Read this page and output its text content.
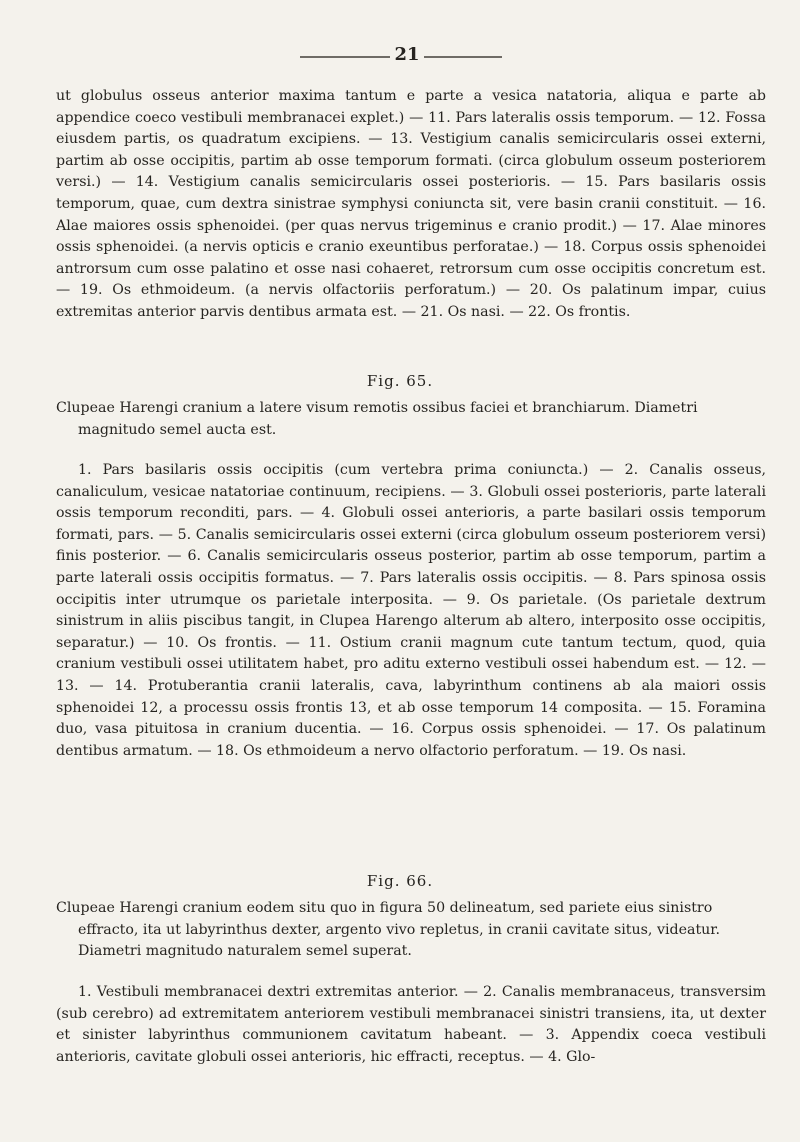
21

ut globulus osseus anterior maxima tantum e parte a vesica natatoria, aliqua e parte ab appendice coeco vestibuli membranacei explet.) — 11. Pars lateralis ossis temporum. — 12. Fossa eiusdem partis, os quadratum excipiens. — 13. Vestigium canalis semicircularis ossei externi, partim ab osse occipitis, partim ab osse temporum formati. (circa globulum osseum posteriorem versi.) — 14. Vestigium canalis semicircularis ossei posterioris. — 15. Pars basilaris ossis temporum, quae, cum dextra sinistrae symphysi coniuncta sit, vere basin cranii constituit. — 16. Alae maiores ossis sphenoidei. (per quas nervus trigeminus e cranio prodit.) — 17. Alae minores ossis sphenoidei. (a nervis opticis e cranio exeuntibus perforatae.) — 18. Corpus ossis sphenoidei antrorsum cum osse palatino et osse nasi cohaeret, retrorsum cum osse occipitis concretum est. — 19. Os ethmoideum. (a nervis olfactoriis perforatum.) — 20. Os palatinum impar, cuius extremitas anterior parvis dentibus armata est. — 21. Os nasi. — 22. Os frontis.

Fig. 65.

Clupeae Harengi cranium a latere visum remotis ossibus faciei et branchiarum. Diametri
magnitudo semel aucta est.

1. Pars basilaris ossis occipitis (cum vertebra prima coniuncta.) — 2. Canalis osseus, canaliculum, vesicae natatoriae continuum, recipiens. — 3. Globuli ossei posterioris, parte laterali ossis temporum reconditi, pars. — 4. Globuli ossei anterioris, a parte basilari ossis temporum formati, pars. — 5. Canalis semicircularis ossei externi (circa globulum osseum posteriorem versi) finis posterior. — 6. Canalis semicircularis osseus posterior, partim ab osse temporum, partim a parte laterali ossis occipitis formatus. — 7. Pars lateralis ossis occipitis. — 8. Pars spinosa ossis occipitis inter utrumque os parietale interposita. — 9. Os parietale. (Os parietale dextrum sinistrum in aliis piscibus tangit, in Clupea Harengo alterum ab altero, interposito osse occipitis, separatur.) — 10. Os frontis. — 11. Ostium cranii magnum cute tantum tectum, quod, quia cranium vestibuli ossei utilitatem habet, pro aditu externo vestibuli ossei habendum est. — 12. — 13. — 14. Protuberantia cranii lateralis, cava, labyrinthum continens ab ala maiori ossis sphenoidei 12, a processu ossis frontis 13, et ab osse temporum 14 composita. — 15. Foramina duo, vasa pituitosa in cranium ducentia. — 16. Corpus ossis sphenoidei. — 17. Os palatinum dentibus armatum. — 18. Os ethmoideum a nervo olfactorio perforatum. — 19. Os nasi.

Fig. 66.

Clupeae Harengi cranium eodem situ quo in figura 50 delineatum, sed pariete eius sinistro
effracto, ita ut labyrinthus dexter, argento vivo repletus, in cranii cavitate situs, videatur. Diametri magnitudo naturalem semel superat.

1. Vestibuli membranacei dextri extremitas anterior. — 2. Canalis membranaceus, transversim (sub cerebro) ad extremitatem anteriorem vestibuli membranacei sinistri transiens, ita, ut dexter et sinister labyrinthus communionem cavitatum habeant. — 3. Appendix coeca vestibuli anterioris, cavitate globuli ossei anterioris, hic effracti, receptus. — 4. Glo-
